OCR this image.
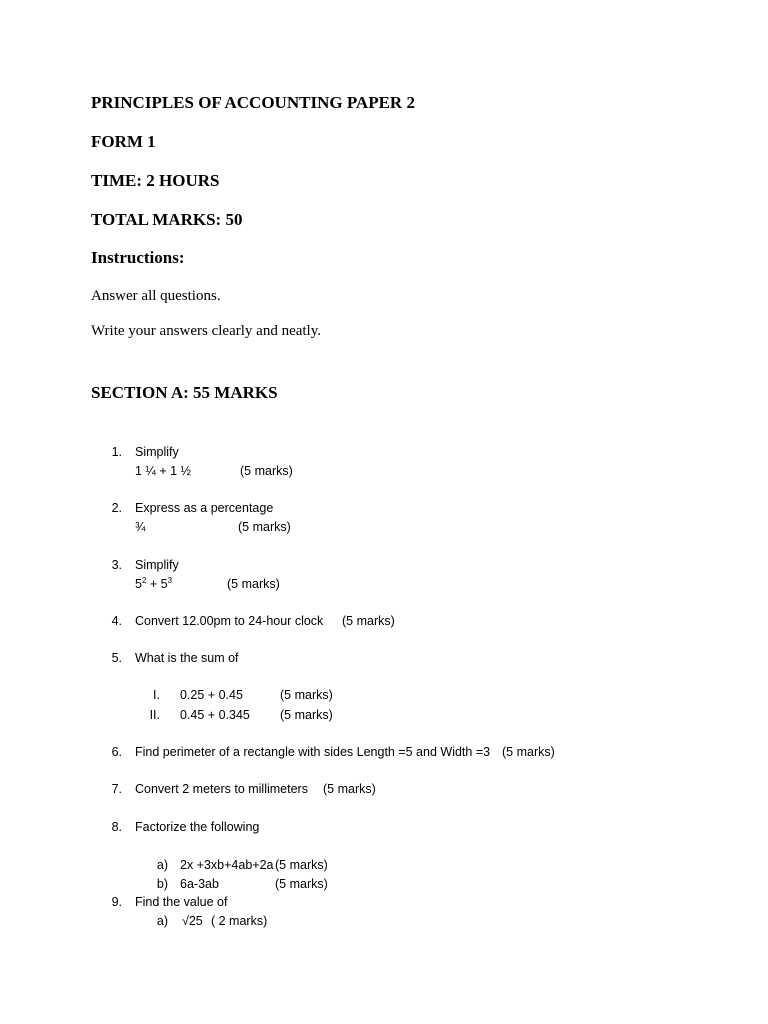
PRINCIPLES OF ACCOUNTING PAPER 2
FORM 1
TIME: 2 HOURS
TOTAL MARKS: 50
Instructions:
Answer all questions.
Write your answers clearly and neatly.
SECTION A: 55 MARKS
1. Simplify
1 ¼ + 1 ½	(5 marks)
2. Express as a percentage
¾	(5 marks)
3. Simplify
$5^2 + 5^3$	(5 marks)
4. Convert 12.00pm to 24-hour clock (5 marks)
5. What is the sum of
I. 0.25 + 0.45	(5 marks)
II. 0.45 + 0.345 (5 marks)
6. Find perimeter of a rectangle with sides Length =5 and Width =3 (5 marks)
7. Convert 2 meters to millimeters (5 marks)
8. Factorize the following
a) 2x +3xb+4ab+2a (5 marks)
b) 6a-3ab	(5 marks)
9. Find the value of
a) √25 ( 2 marks)
